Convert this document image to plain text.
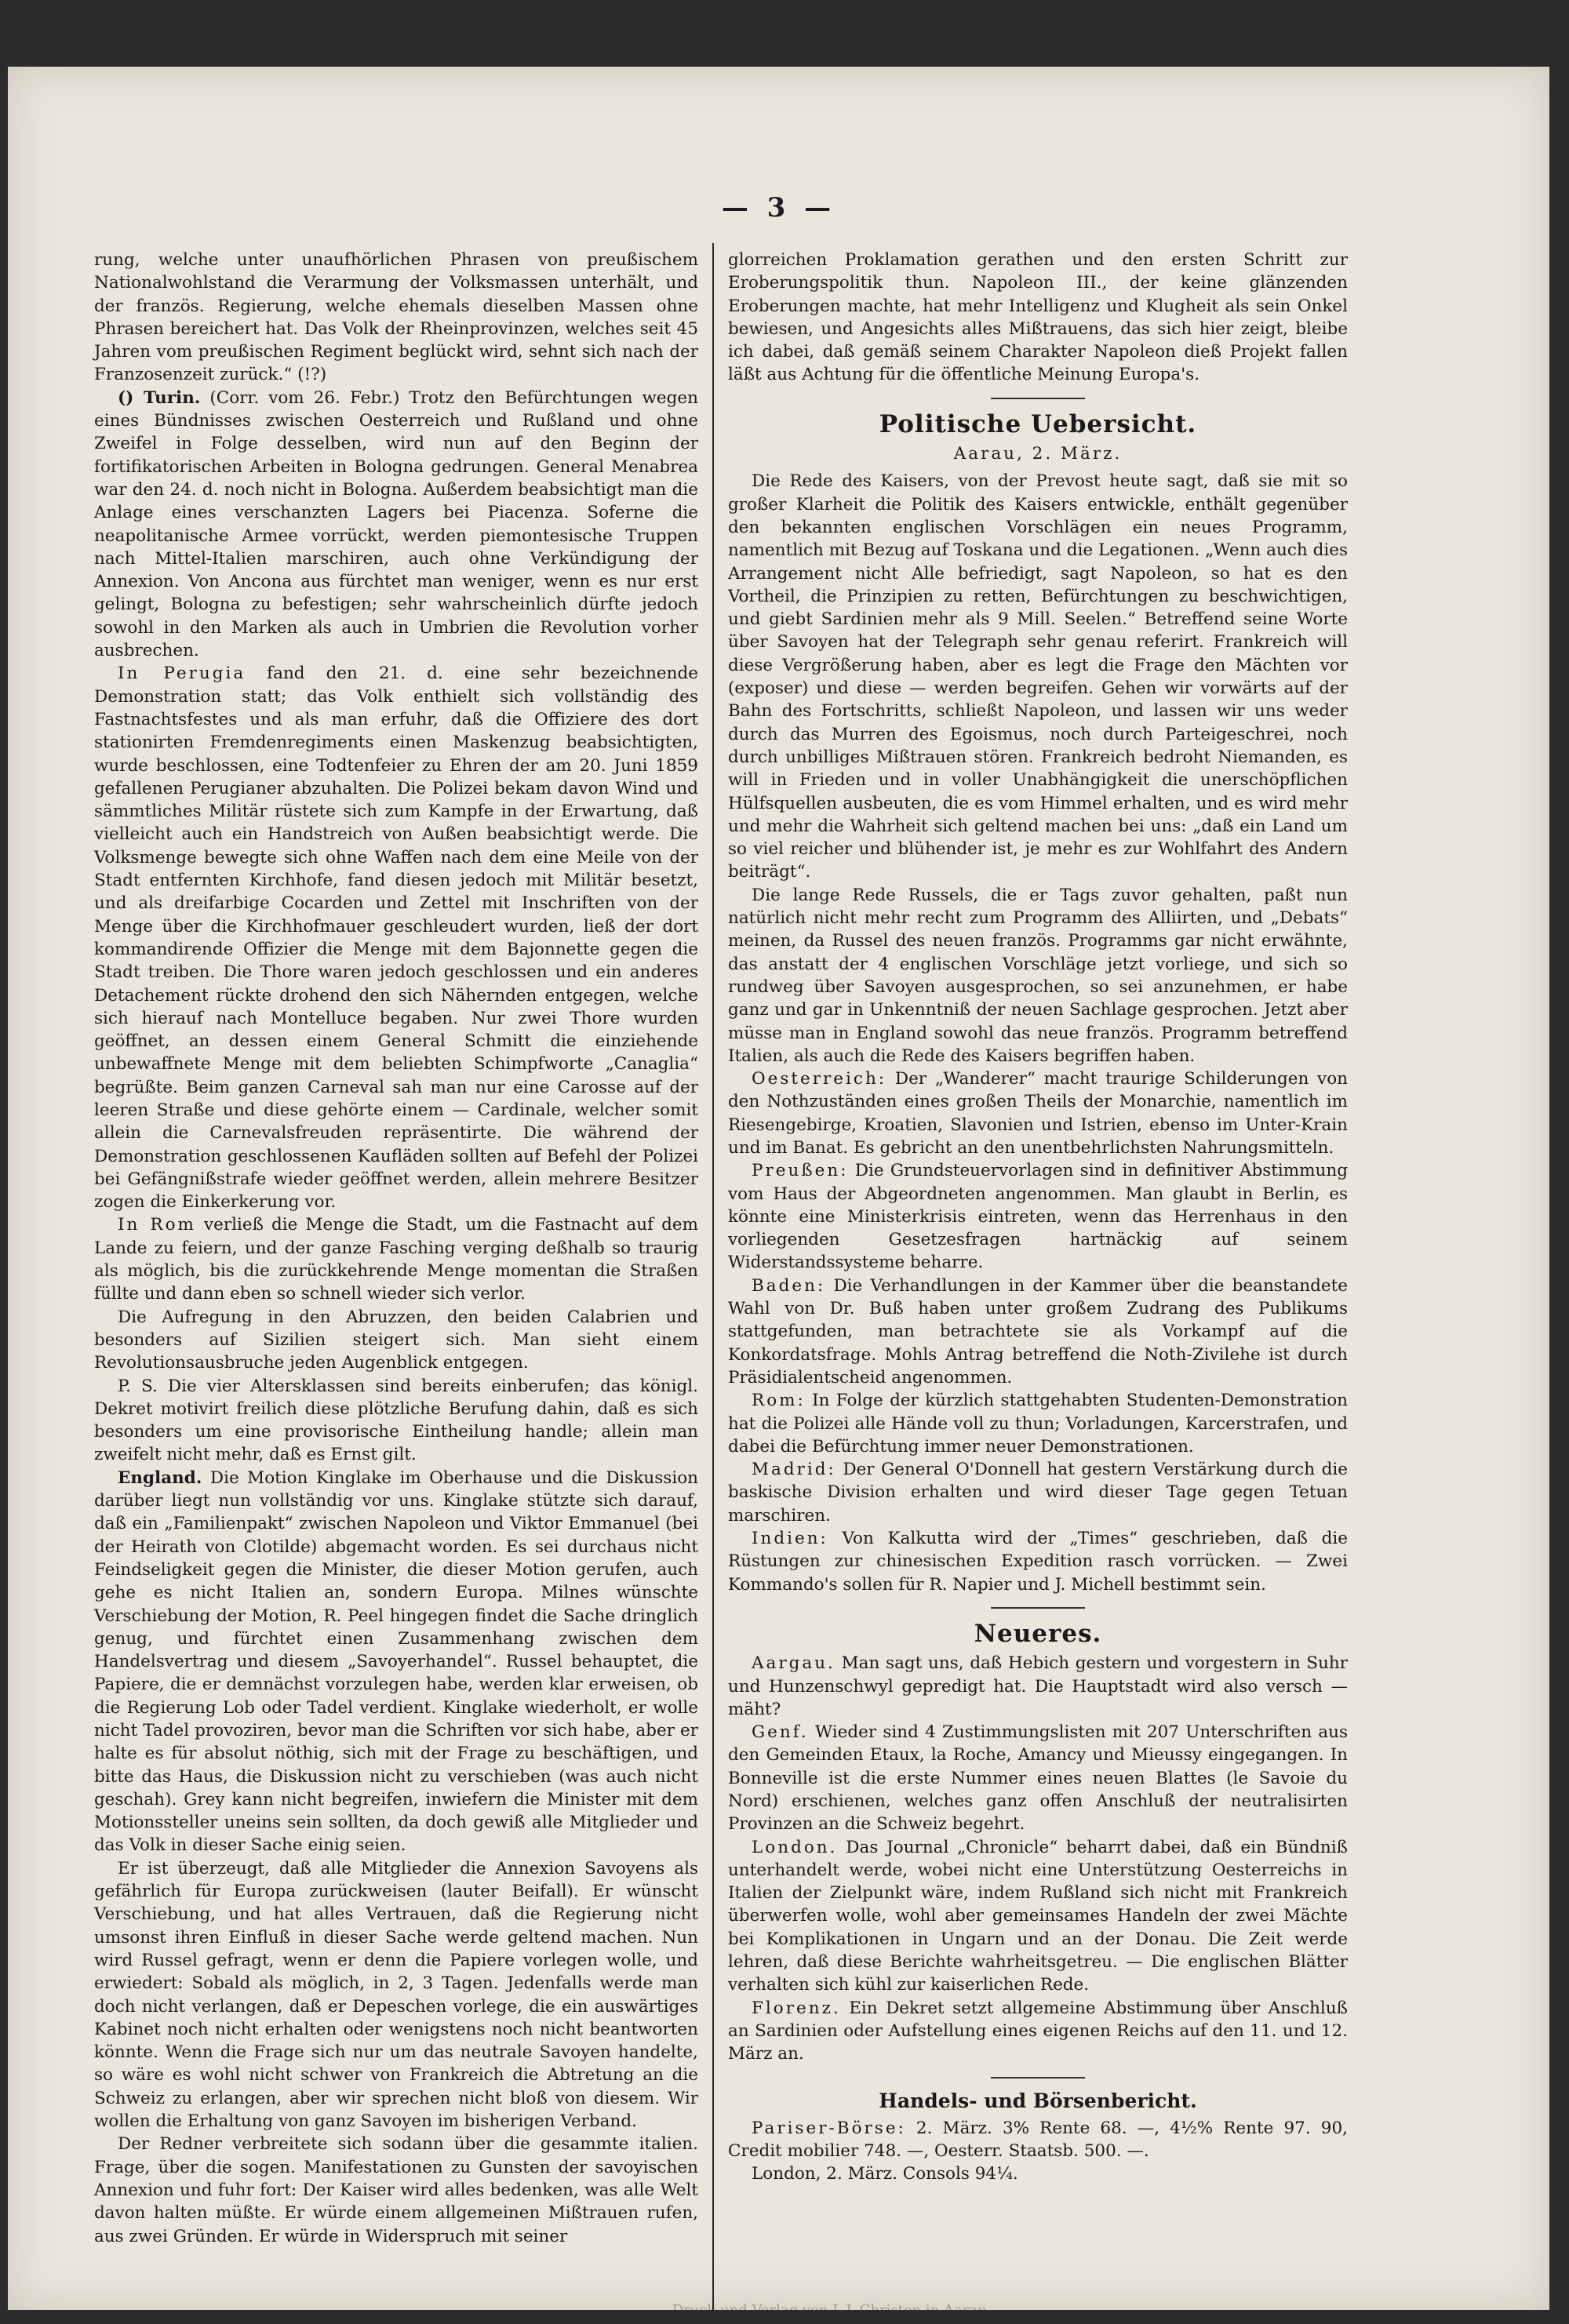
— 3 —

rung, welche unter unaufhörlichen Phrasen von preußischem Nationalwohlstand die Verarmung der Volksmassen unterhält, und der französ. Regierung, welche ehemals dieselben Massen ohne Phrasen bereichert hat. Das Volk der Rheinprovinzen, welches seit 45 Jahren vom preußischen Regiment beglückt wird, sehnt sich nach der Franzosenzeit zurück.“ (!?)

() Turin. (Corr. vom 26. Febr.) Trotz den Befürchtungen wegen eines Bündnisses zwischen Oesterreich und Rußland und ohne Zweifel in Folge desselben, wird nun auf den Beginn der fortifikatorischen Arbeiten in Bologna gedrungen. General Menabrea war den 24. d. noch nicht in Bologna. Außerdem beabsichtigt man die Anlage eines verschanzten Lagers bei Piacenza. Soferne die neapolitanische Armee vorrückt, werden piemontesische Truppen nach Mittel-Italien marschiren, auch ohne Verkündigung der Annexion. Von Ancona aus fürchtet man weniger, wenn es nur erst gelingt, Bologna zu befestigen; sehr wahrscheinlich dürfte jedoch sowohl in den Marken als auch in Umbrien die Revolution vorher ausbrechen.

In Perugia fand den 21. d. eine sehr bezeichnende Demonstration statt; das Volk enthielt sich vollständig des Fastnachtsfestes und als man erfuhr, daß die Offiziere des dort stationirten Fremdenregiments einen Maskenzug beabsichtigten, wurde beschlossen, eine Todtenfeier zu Ehren der am 20. Juni 1859 gefallenen Perugianer abzuhalten. Die Polizei bekam davon Wind und sämmtliches Militär rüstete sich zum Kampfe in der Erwartung, daß vielleicht auch ein Handstreich von Außen beabsichtigt werde. Die Volksmenge bewegte sich ohne Waffen nach dem eine Meile von der Stadt entfernten Kirchhofe, fand diesen jedoch mit Militär besetzt, und als dreifarbige Cocarden und Zettel mit Inschriften von der Menge über die Kirchhofmauer geschleudert wurden, ließ der dort kommandirende Offizier die Menge mit dem Bajonnette gegen die Stadt treiben. Die Thore waren jedoch geschlossen und ein anderes Detachement rückte drohend den sich Nähernden entgegen, welche sich hierauf nach Montelluce begaben. Nur zwei Thore wurden geöffnet, an dessen einem General Schmitt die einziehende unbewaffnete Menge mit dem beliebten Schimpfworte „Canaglia“ begrüßte. Beim ganzen Carneval sah man nur eine Carosse auf der leeren Straße und diese gehörte einem — Cardinale, welcher somit allein die Carnevalsfreuden repräsentirte. Die während der Demonstration geschlossenen Kaufläden sollten auf Befehl der Polizei bei Gefängnißstrafe wieder geöffnet werden, allein mehrere Besitzer zogen die Einkerkerung vor.

In Rom verließ die Menge die Stadt, um die Fastnacht auf dem Lande zu feiern, und der ganze Fasching verging deßhalb so traurig als möglich, bis die zurückkehrende Menge momentan die Straßen füllte und dann eben so schnell wieder sich verlor.

Die Aufregung in den Abruzzen, den beiden Calabrien und besonders auf Sizilien steigert sich. Man sieht einem Revolutionsausbruche jeden Augenblick entgegen.

P. S. Die vier Altersklassen sind bereits einberufen; das königl. Dekret motivirt freilich diese plötzliche Berufung dahin, daß es sich besonders um eine provisorische Eintheilung handle; allein man zweifelt nicht mehr, daß es Ernst gilt.

England. Die Motion Kinglake im Oberhause und die Diskussion darüber liegt nun vollständig vor uns. Kinglake stützte sich darauf, daß ein „Familienpakt“ zwischen Napoleon und Viktor Emmanuel (bei der Heirath von Clotilde) abgemacht worden. Es sei durchaus nicht Feindseligkeit gegen die Minister, die dieser Motion gerufen, auch gehe es nicht Italien an, sondern Europa. Milnes wünschte Verschiebung der Motion, R. Peel hingegen findet die Sache dringlich genug, und fürchtet einen Zusammenhang zwischen dem Handelsvertrag und diesem „Savoyerhandel“. Russel behauptet, die Papiere, die er demnächst vorzulegen habe, werden klar erweisen, ob die Regierung Lob oder Tadel verdient. Kinglake wiederholt, er wolle nicht Tadel provoziren, bevor man die Schriften vor sich habe, aber er halte es für absolut nöthig, sich mit der Frage zu beschäftigen, und bitte das Haus, die Diskussion nicht zu verschieben (was auch nicht geschah). Grey kann nicht begreifen, inwiefern die Minister mit dem Motionssteller uneins sein sollten, da doch gewiß alle Mitglieder und das Volk in dieser Sache einig seien.

Er ist überzeugt, daß alle Mitglieder die Annexion Savoyens als gefährlich für Europa zurückweisen (lauter Beifall). Er wünscht Verschiebung, und hat alles Vertrauen, daß die Regierung nicht umsonst ihren Einfluß in dieser Sache werde geltend machen. Nun wird Russel gefragt, wenn er denn die Papiere vorlegen wolle, und erwiedert: Sobald als möglich, in 2, 3 Tagen. Jedenfalls werde man doch nicht verlangen, daß er Depeschen vorlege, die ein auswärtiges Kabinet noch nicht erhalten oder wenigstens noch nicht beantworten könnte. Wenn die Frage sich nur um das neutrale Savoyen handelte, so wäre es wohl nicht schwer von Frankreich die Abtretung an die Schweiz zu erlangen, aber wir sprechen nicht bloß von diesem. Wir wollen die Erhaltung von ganz Savoyen im bisherigen Verband.

Der Redner verbreitete sich sodann über die gesammte italien. Frage, über die sogen. Manifestationen zu Gunsten der savoyischen Annexion und fuhr fort: Der Kaiser wird alles bedenken, was alle Welt davon halten müßte. Er würde einem allgemeinen Mißtrauen rufen, aus zwei Gründen. Er würde in Widerspruch mit seiner

glorreichen Proklamation gerathen und den ersten Schritt zur Eroberungspolitik thun. Napoleon III., der keine glänzenden Eroberungen machte, hat mehr Intelligenz und Klugheit als sein Onkel bewiesen, und Angesichts alles Mißtrauens, das sich hier zeigt, bleibe ich dabei, daß gemäß seinem Charakter Napoleon dieß Projekt fallen läßt aus Achtung für die öffentliche Meinung Europa's.

Politische Uebersicht.
Aarau, 2. März.

Die Rede des Kaisers, von der Prevost heute sagt, daß sie mit so großer Klarheit die Politik des Kaisers entwickle, enthält gegenüber den bekannten englischen Vorschlägen ein neues Programm, namentlich mit Bezug auf Toskana und die Legationen. „Wenn auch dies Arrangement nicht Alle befriedigt, sagt Napoleon, so hat es den Vortheil, die Prinzipien zu retten, Befürchtungen zu beschwichtigen, und giebt Sardinien mehr als 9 Mill. Seelen.“ Betreffend seine Worte über Savoyen hat der Telegraph sehr genau referirt. Frankreich will diese Vergrößerung haben, aber es legt die Frage den Mächten vor (exposer) und diese — werden begreifen. Gehen wir vorwärts auf der Bahn des Fortschritts, schließt Napoleon, und lassen wir uns weder durch das Murren des Egoismus, noch durch Parteigeschrei, noch durch unbilliges Mißtrauen stören. Frankreich bedroht Niemanden, es will in Frieden und in voller Unabhängigkeit die unerschöpflichen Hülfsquellen ausbeuten, die es vom Himmel erhalten, und es wird mehr und mehr die Wahrheit sich geltend machen bei uns: „daß ein Land um so viel reicher und blühender ist, je mehr es zur Wohlfahrt des Andern beiträgt“.

Die lange Rede Russels, die er Tags zuvor gehalten, paßt nun natürlich nicht mehr recht zum Programm des Alliirten, und „Debats“ meinen, da Russel des neuen französ. Programms gar nicht erwähnte, das anstatt der 4 englischen Vorschläge jetzt vorliege, und sich so rundweg über Savoyen ausgesprochen, so sei anzunehmen, er habe ganz und gar in Unkenntniß der neuen Sachlage gesprochen. Jetzt aber müsse man in England sowohl das neue französ. Programm betreffend Italien, als auch die Rede des Kaisers begriffen haben.

Oesterreich: Der „Wanderer“ macht traurige Schilderungen von den Nothzuständen eines großen Theils der Monarchie, namentlich im Riesengebirge, Kroatien, Slavonien und Istrien, ebenso im Unter-Krain und im Banat. Es gebricht an den unentbehrlichsten Nahrungsmitteln.

Preußen: Die Grundsteuervorlagen sind in definitiver Abstimmung vom Haus der Abgeordneten angenommen. Man glaubt in Berlin, es könnte eine Ministerkrisis eintreten, wenn das Herrenhaus in den vorliegenden Gesetzesfragen hartnäckig auf seinem Widerstandssysteme beharre.

Baden: Die Verhandlungen in der Kammer über die beanstandete Wahl von Dr. Buß haben unter großem Zudrang des Publikums stattgefunden, man betrachtete sie als Vorkampf auf die Konkordatsfrage. Mohls Antrag betreffend die Noth-Zivilehe ist durch Präsidialentscheid angenommen.

Rom: In Folge der kürzlich stattgehabten Studenten-Demonstration hat die Polizei alle Hände voll zu thun; Vorladungen, Karcerstrafen, und dabei die Befürchtung immer neuer Demonstrationen.

Madrid: Der General O'Donnell hat gestern Verstärkung durch die baskische Division erhalten und wird dieser Tage gegen Tetuan marschiren.

Indien: Von Kalkutta wird der „Times“ geschrieben, daß die Rüstungen zur chinesischen Expedition rasch vorrücken. — Zwei Kommando's sollen für R. Napier und J. Michell bestimmt sein.

Neueres.

Aargau. Man sagt uns, daß Hebich gestern und vorgestern in Suhr und Hunzenschwyl gepredigt hat. Die Hauptstadt wird also versch — mäht?

Genf. Wieder sind 4 Zustimmungslisten mit 207 Unterschriften aus den Gemeinden Etaux, la Roche, Amancy und Mieussy eingegangen. In Bonneville ist die erste Nummer eines neuen Blattes (le Savoie du Nord) erschienen, welches ganz offen Anschluß der neutralisirten Provinzen an die Schweiz begehrt.

London. Das Journal „Chronicle“ beharrt dabei, daß ein Bündniß unterhandelt werde, wobei nicht eine Unterstützung Oesterreichs in Italien der Zielpunkt wäre, indem Rußland sich nicht mit Frankreich überwerfen wolle, wohl aber gemeinsames Handeln der zwei Mächte bei Komplikationen in Ungarn und an der Donau. Die Zeit werde lehren, daß diese Berichte wahrheitsgetreu. — Die englischen Blätter verhalten sich kühl zur kaiserlichen Rede.

Florenz. Ein Dekret setzt allgemeine Abstimmung über Anschluß an Sardinien oder Aufstellung eines eigenen Reichs auf den 11. und 12. März an.

Handels- und Börsenbericht.

Pariser-Börse: 2. März. 3% Rente 68. —, 4½% Rente 97. 90, Credit mobilier 748. —, Oesterr. Staatsb. 500. —.

London, 2. März. Consols 94¼.

Druck und Verlag von J. J. Christen in Aarau.
